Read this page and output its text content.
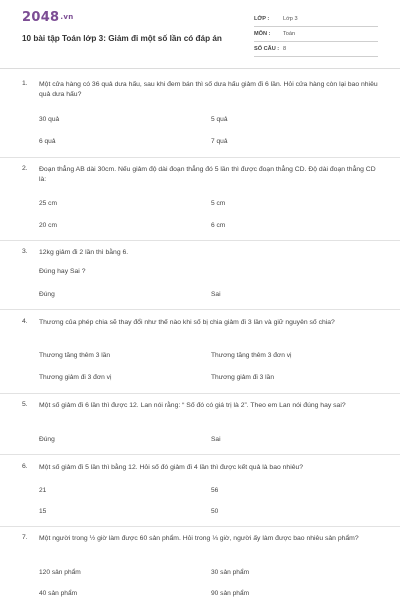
2048.vn
10 bài tập Toán lớp 3: Giảm đi một số lần có đáp án
LỚP : Lớp 3
MÔN : Toán
SỐ CÂU : 8
1. Một cửa hàng có 36 quả dưa hấu, sau khi đem bán thì số dưa hấu giảm đi 6 lần. Hỏi cửa hàng còn lại bao nhiêu quả dưa hấu?
30 quả	5 quả
6 quả	7 quả
2. Đoạn thẳng AB dài 30cm. Nếu giảm độ dài đoạn thẳng đó 5 lần thì được đoạn thẳng CD. Độ dài đoạn thẳng CD là:
25 cm	5 cm
20 cm	6 cm
3. 12kg giảm đi 2 lần thì bằng 6.
Đúng hay Sai ?
Đúng	Sai
4. Thương của phép chia sẽ thay đổi như thế nào khi số bị chia giảm đi 3 lần và giữ nguyên số chia?
Thương tăng thêm 3 lần	Thương tăng thêm 3 đơn vị
Thương giảm đi 3 đơn vị	Thương giảm đi 3 lần
5. Một số giảm đi 6 lần thì được 12. Lan nói rằng: “ Số đó có giá trị là 2”. Theo em Lan nói đúng hay sai?
Đúng	Sai
6. Một số giảm đi 5 lần thì bằng 12. Hỏi số đó giảm đi 4 lần thì được kết quả là bao nhiêu?
21	56
15	50
7. Một người trong ½ giờ làm được 60 sản phẩm. Hỏi trong ⅓ giờ, người ấy làm được bao nhiêu sản phẩm?
120 sản phẩm	30 sản phẩm
40 sản phẩm	90 sản phẩm
